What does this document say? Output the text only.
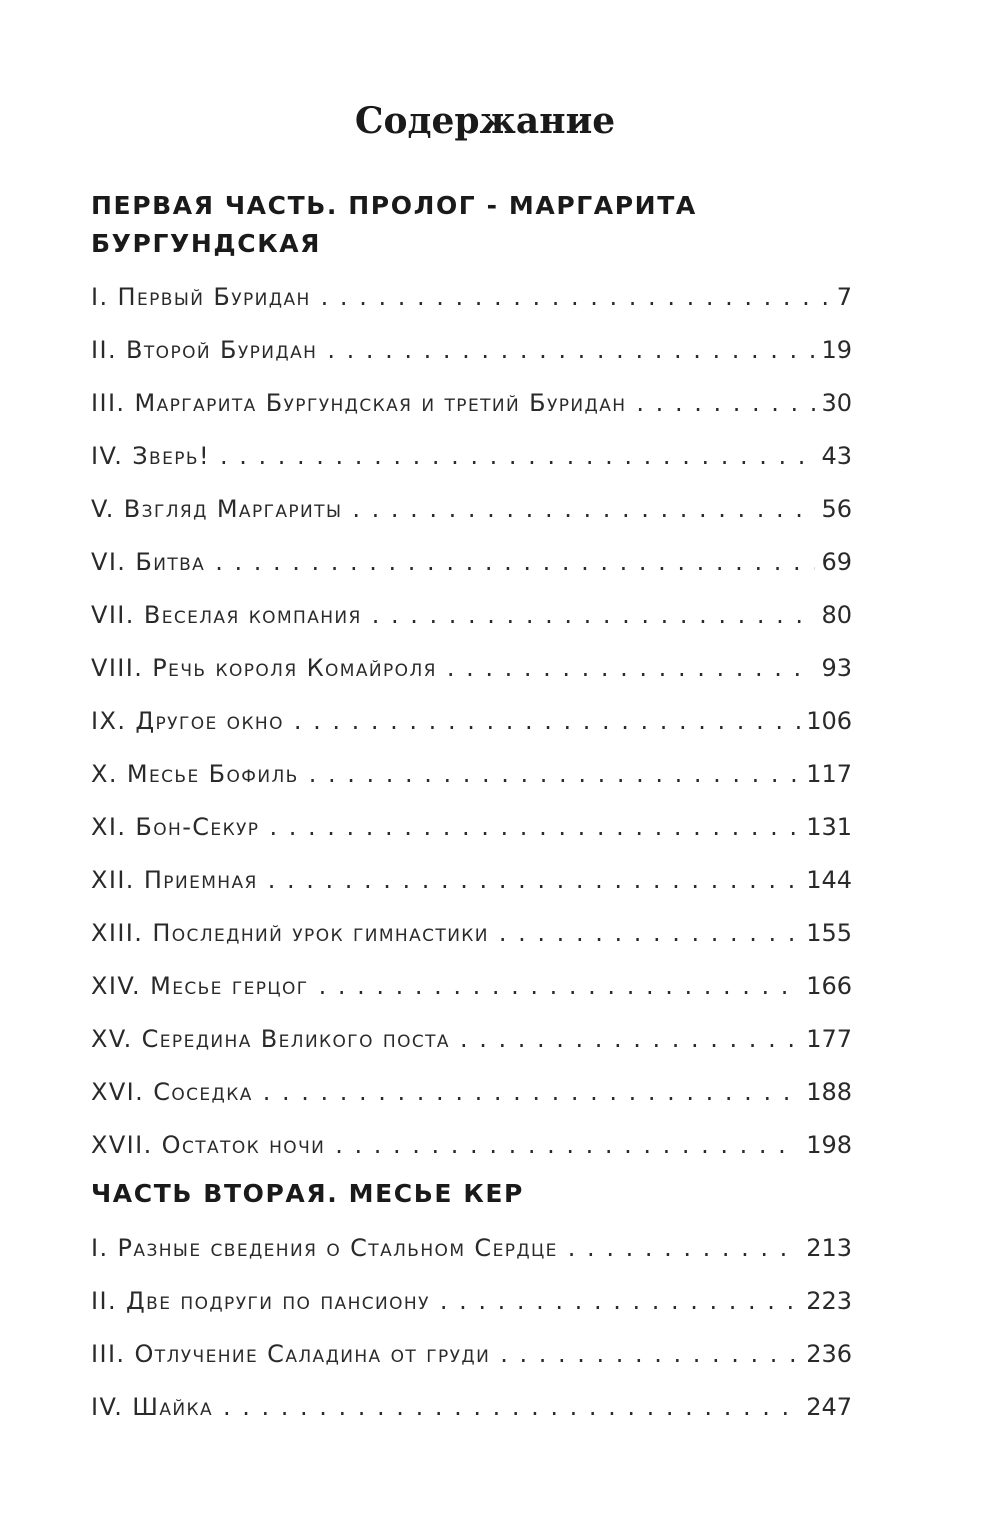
Содержание
ПЕРВАЯ ЧАСТЬ. ПРОЛОГ - МАРГАРИТА
БУРГУНДСКАЯ
I. Первый Буридан . . .	7
II. Второй Буридан . . .	19
III. Маргарита Бургундская и третий Буридан . . .	30
IV. Зверь! . . .	43
V. Взгляд Маргариты . . .	56
VI. Битва . . .	69
VII. Веселая компания . . .	80
VIII. Речь короля Комайроля . . .	93
IX. Другое окно . . .	106
X. Месье Бофиль . . .	117
XI. Бон-Секур . . .	131
XII. Приемная . . .	144
XIII. Последний урок гимнастики . . .	155
XIV. Месье герцог . . .	166
XV. Середина Великого поста . . .	177
XVI. Соседка . . .	188
XVII. Остаток ночи . . .	198
ЧАСТЬ ВТОРАЯ. МЕСЬЕ КЕР
I. Разные сведения о Стальном Сердце . . .	213
II. Две подруги по пансиону . . .	223
III. Отлучение Саладина от груди . . .	236
IV. Шайка . . .	247
